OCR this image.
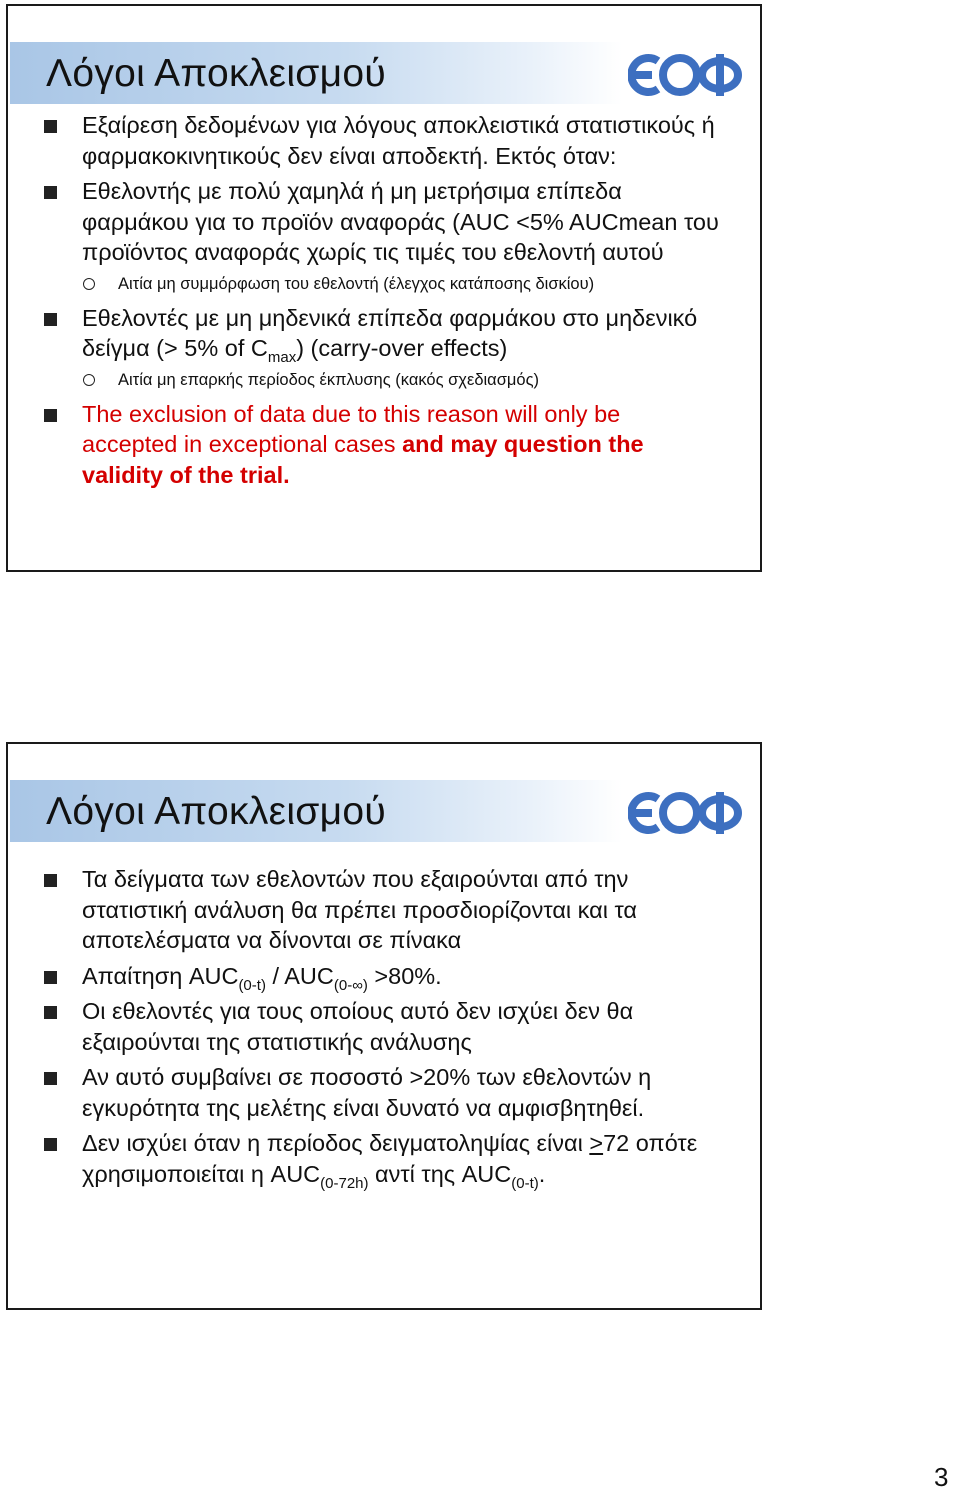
Λόγοι Αποκλεισμού
Εξαίρεση δεδομένων για λόγους αποκλειστικά στατιστικούς ή φαρμακοκινητικούς δεν είναι αποδεκτή. Εκτός όταν:
Εθελοντής με πολύ χαμηλά ή μη μετρήσιμα επίπεδα φαρμάκου για το προϊόν αναφοράς (AUC <5% AUCmean του προϊόντος αναφοράς χωρίς τις τιμές του εθελοντή αυτού
Αιτία μη συμμόρφωση του εθελοντή (έλεγχος κατάποσης δισκίου)
Εθελοντές με μη μηδενικά επίπεδα φαρμάκου στο μηδενικό δείγμα (> 5% of $C_{max}$) (carry-over effects)
Αιτία μη επαρκής περίοδος έκπλυσης (κακός σχεδιασμός)
The exclusion of data due to this reason will only be accepted in exceptional cases and may question the validity of the trial.
Λόγοι Αποκλεισμού
Τα δείγματα των εθελοντών που εξαιρούνται από την στατιστική ανάλυση θα πρέπει προσδιορίζονται και τα αποτελέσματα να δίνονται σε πίνακα
Απαίτηση $AUC_{(0-t)} / AUC_{(0-\infty)} >80\%$.
Οι εθελοντές για τους οποίους αυτό δεν ισχύει δεν θα εξαιρούνται της στατιστικής ανάλυσης
Αν αυτό συμβαίνει σε ποσοστό >20% των εθελοντών η εγκυρότητα της μελέτης είναι δυνατό να αμφισβητηθεί.
Δεν ισχύει όταν η περίοδος δειγματοληψίας είναι >72 οπότε χρησιμοποιείται η $AUC_{(0-72h)}$ αντί της $AUC_{(0-t)}$.
3
